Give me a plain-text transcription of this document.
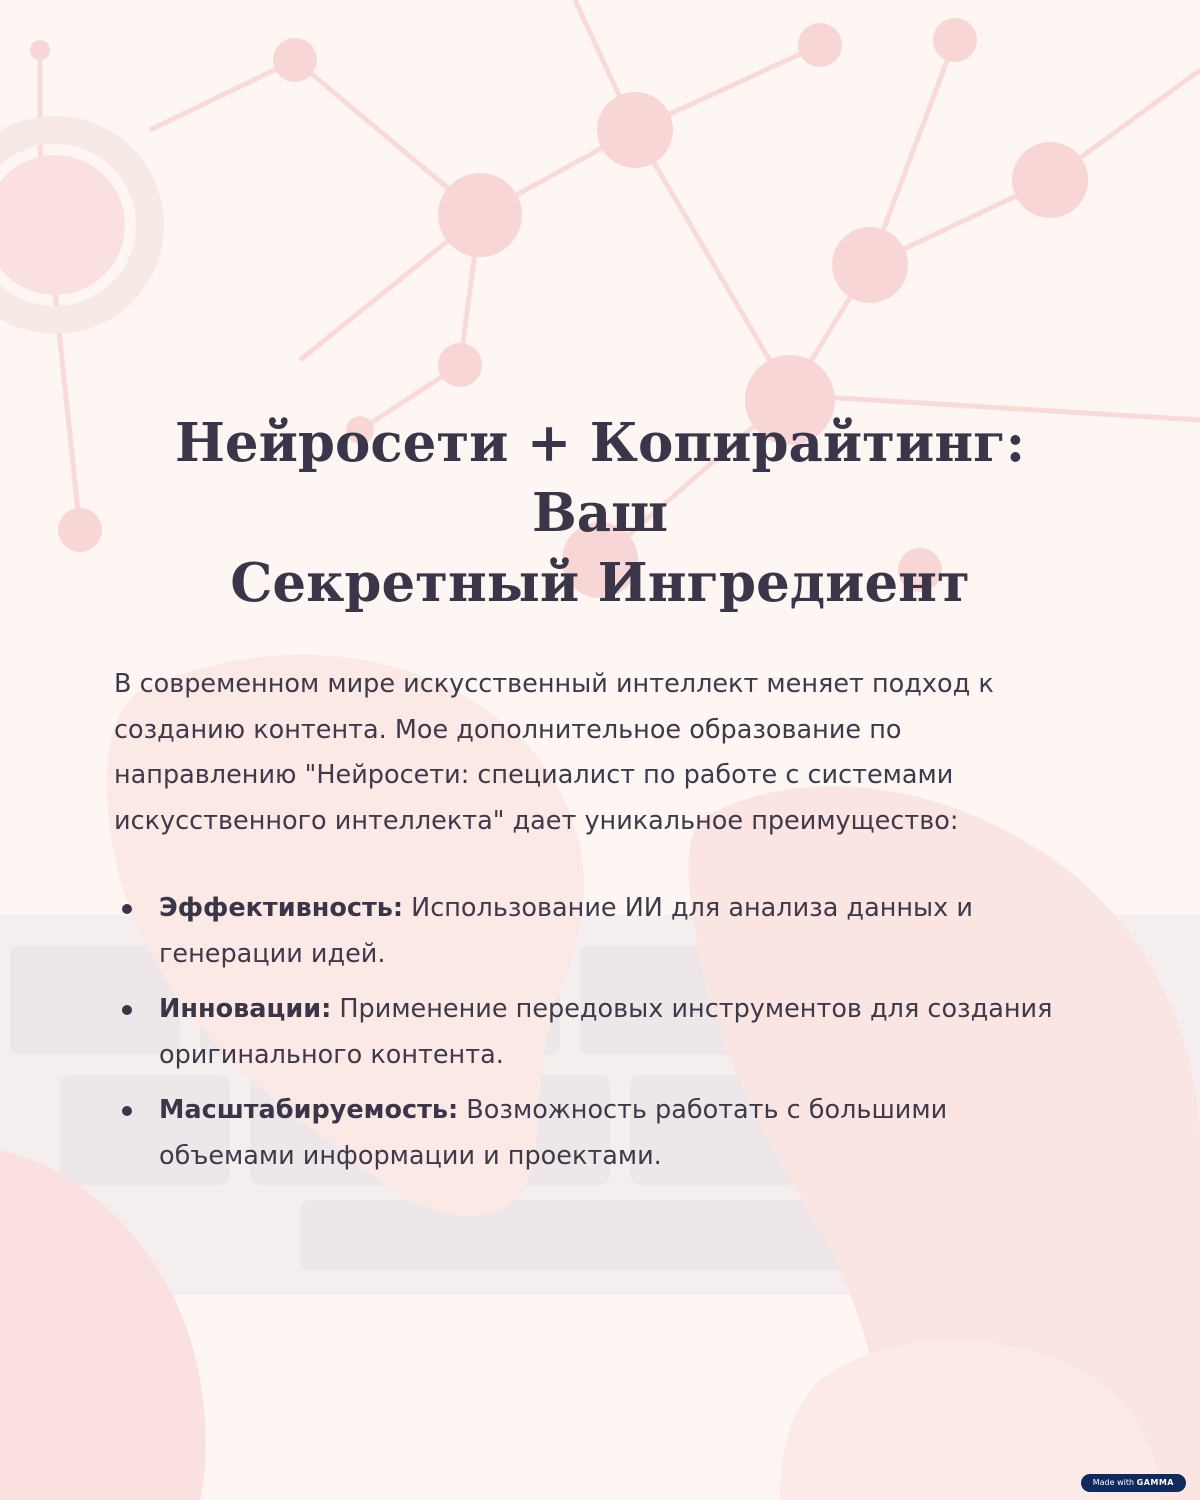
Нейросети + Копирайтинг: Ваш
Секретный Ингредиент

В современном мире искусственный интеллект меняет подход к созданию контента. Мое дополнительное образование по направлению "Нейросети: специалист по работе с системами искусственного интеллекта" дает уникальное преимущество:

Эффективность: Использование ИИ для анализа данных и генерации идей.
Инновации: Применение передовых инструментов для создания оригинального контента.
Масштабируемость: Возможность работать с большими объемами информации и проектами.
Made with GAMMA
